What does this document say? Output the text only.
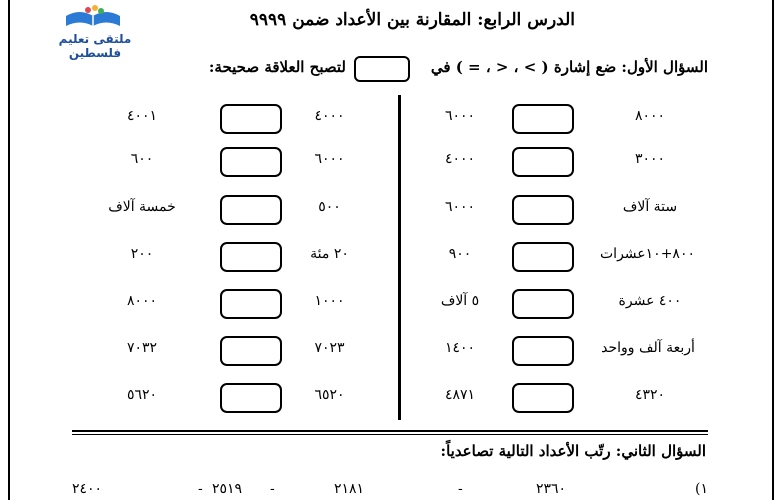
ملتقى تعليم فلسطين
الدرس الرابع: المقارنة بين الأعداد ضمن ٩٩٩٩
السؤال الأول: ضع إشارة ( > ، < ، = ) في
لتصبح العلاقة صحيحة:
٨٠٠٠
٦٠٠٠
٣٠٠٠
٤٠٠٠
ستة آلاف
٦٠٠٠
٨٠٠+١٠عشرات
٩٠٠
٤٠٠ عشرة
٥ آلاف
أربعة آلف وواحد
١٤٠٠
٤٣٢٠
٤٨٧١
٤٠٠٠
٤٠٠١
٦٠٠٠
٦٠٠
٥٠٠
خمسة آلاف
٢٠ مئة
٢٠٠
١٠٠٠
٨٠٠٠
٧٠٢٣
٧٠٣٢
٦٥٢٠
٥٦٢٠
السؤال الثاني: رتّب الأعداد التالية تصاعدياً:
(١
٢٣٦٠
-
٢١٨١
-
٢٥١٩
-
٢٤٠٠
